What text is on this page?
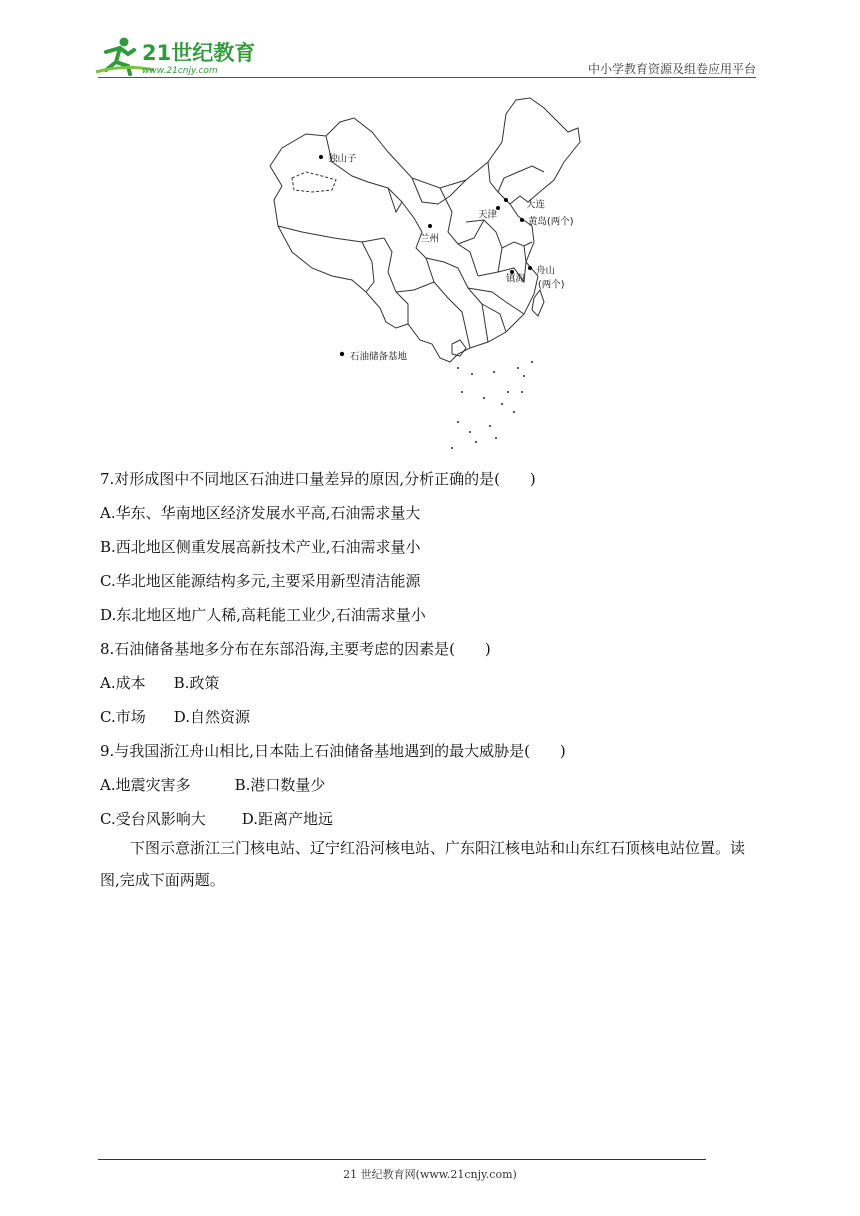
21世纪教育
www.21cnjy.com	中小学教育资源及组卷应用平台
独山子
大连
天津
黄岛(两个)
兰州
舟山
(两个)
镇海
石油储备基地
7.对形成图中不同地区石油进口量差异的原因,分析正确的是(　　)
A.华东、华南地区经济发展水平高,石油需求量大
B.西北地区侧重发展高新技术产业,石油需求量小
C.华北地区能源结构多元,主要采用新型清洁能源
D.东北地区地广人稀,高耗能工业少,石油需求量小
8.石油储备基地多分布在东部沿海,主要考虑的因素是(　　)
A.成本 B.政策
C.市场 D.自然资源
9.与我国浙江舟山相比,日本陆上石油储备基地遇到的最大威胁是(　　)
A.地震灾害多	B.港口数量少
C.受台风影响大 D.距离产地远
下图示意浙江三门核电站、辽宁红沿河核电站、广东阳江核电站和山东红石顶核电站位置。读图,完成下面两题。
21 世纪教育网(www.21cnjy.com)
